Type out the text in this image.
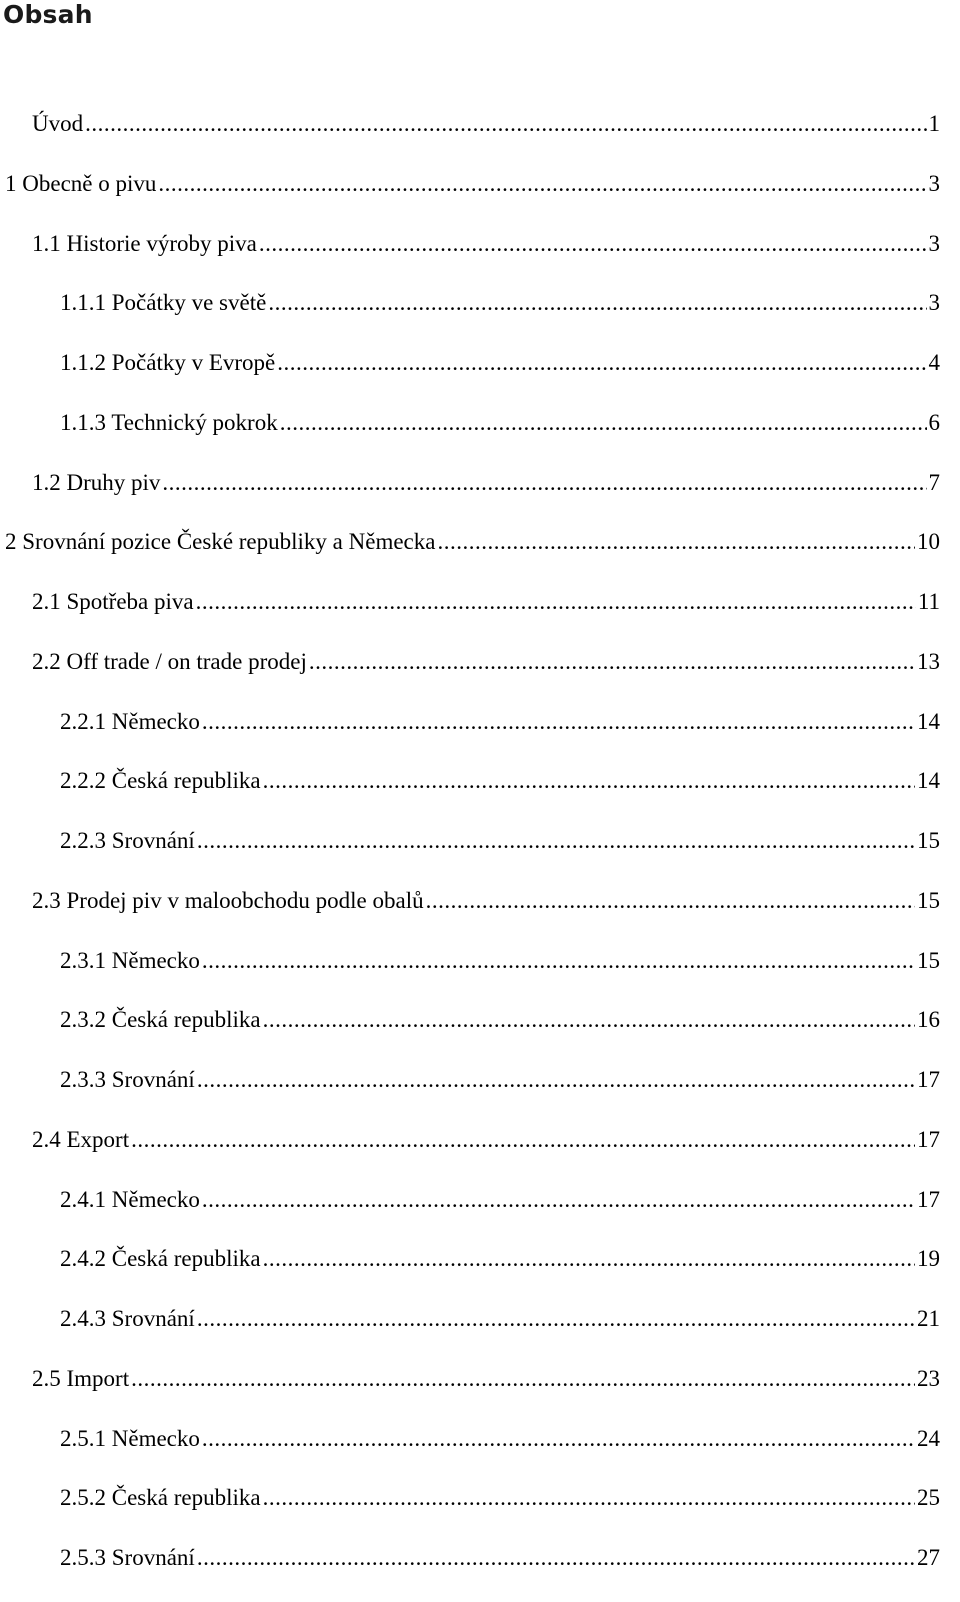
Obsah
Úvod .....	1
1 Obecně o pivu .....	3
1.1 Historie výroby piva .....	3
1.1.1 Počátky ve světě .....	3
1.1.2 Počátky v Evropě .....	4
1.1.3 Technický pokrok .....	6
1.2 Druhy piv .....	7
2 Srovnání pozice České republiky a Německa .....	10
2.1 Spotřeba piva .....	11
2.2 Off trade / on trade prodej .....	13
2.2.1 Německo .....	14
2.2.2 Česká republika .....	14
2.2.3 Srovnání .....	15
2.3 Prodej piv v maloobchodu podle obalů .....	15
2.3.1 Německo .....	15
2.3.2 Česká republika .....	16
2.3.3 Srovnání .....	17
2.4 Export .....	17
2.4.1 Německo .....	17
2.4.2 Česká republika .....	19
2.4.3 Srovnání .....	21
2.5 Import .....	23
2.5.1 Německo .....	24
2.5.2 Česká republika .....	25
2.5.3 Srovnání .....	27
